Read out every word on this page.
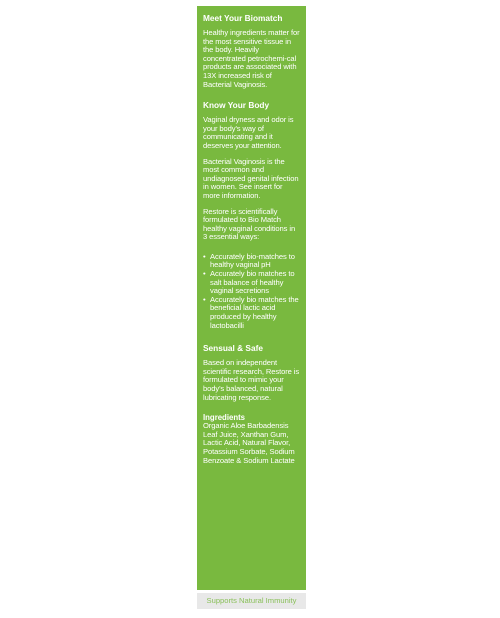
Meet Your Biomatch
Healthy ingredients matter for the most sensitive tissue in the body. Heavily concentrated petrochemi-cal products are associated with 13X increased risk of Bacterial Vaginosis.
Know Your Body
Vaginal dryness and odor is your body's way of communicating and it deserves your attention.
Bacterial Vaginosis is the most common and undiagnosed genital infection in women. See insert for more information.
Restore is scientifically formulated to Bio Match healthy vaginal conditions in 3 essential ways:
• Accurately bio-matches to healthy vaginal pH
• Accurately bio matches to salt balance of healthy vaginal secretions
• Accurately bio matches the beneficial lactic acid produced by healthy lactobacilli
Sensual & Safe
Based on independent scientific research, Restore is formulated to mimic your body's balanced, natural lubricating response.
Ingredients
Organic Aloe Barbadensis Leaf Juice, Xanthan Gum, Lactic Acid, Natural Flavor, Potassium Sorbate, Sodium Benzoate & Sodium Lactate
Supports Natural Immunity
